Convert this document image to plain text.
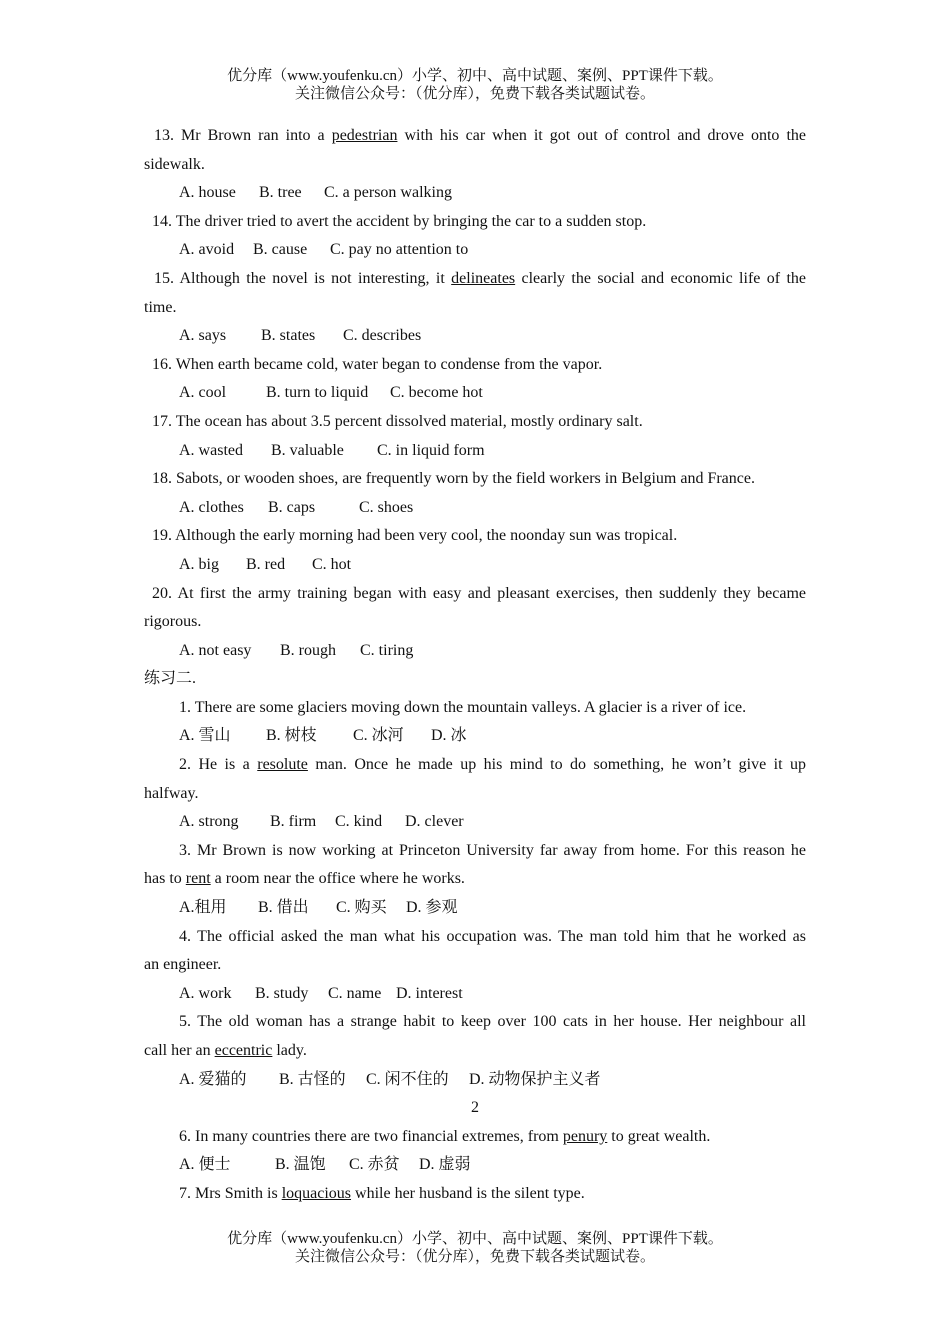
优分库（www.youfenku.cn）小学、初中、高中试题、案例、PPT课件下载。
关注微信公众号：（优分库），免费下载各类试题试卷。
13. Mr Brown ran into a pedestrian with his car when it got out of control and drove onto the
sidewalk.
A. house B. tree C. a person walking
14. The driver tried to avert the accident by bringing the car to a sudden stop.
A. avoid B. cause C. pay no attention to
15. Although the novel is not interesting, it delineates clearly the social and economic life of the
time.
A. says B. states C. describes
16. When earth became cold, water began to condense from the vapor.
A. cool B. turn to liquid C. become hot
17. The ocean has about 3.5 percent dissolved material, mostly ordinary salt.
A. wasted B. valuable C. in liquid form
18. Sabots, or wooden shoes, are frequently worn by the field workers in Belgium and France.
A. clothes B. caps	C. shoes
19. Although the early morning had been very cool, the noonday sun was tropical.
A. big B. red C. hot
20. At first the army training began with easy and pleasant exercises, then suddenly they became
rigorous.
A. not easy B. rough C. tiring
练习二.
1. There are some glaciers moving down the mountain valleys. A glacier is a river of ice.
A. 雪山 B. 树枝 C. 冰河 D. 冰
2. He is a resolute man. Once he made up his mind to do something, he won’t give it up
halfway.
A. strong B. firm C. kind D. clever
3. Mr Brown is now working at Princeton University far away from home. For this reason he
has to rent a room near the office where he works.
A.租用 B. 借出 C. 购买 D. 参观
4. The official asked the man what his occupation was. The man told him that he worked as
an engineer.
A. work B. study C. name D. interest
5. The old woman has a strange habit to keep over 100 cats in her house. Her neighbour all
call her an eccentric lady.
A. 爱猫的 B. 古怪的 C. 闲不住的 D. 动物保护主义者
2
6. In many countries there are two financial extremes, from penury to great wealth.
A. 便士	B. 温饱 C. 赤贫 D. 虚弱
7. Mrs Smith is loquacious while her husband is the silent type.
优分库（www.youfenku.cn）小学、初中、高中试题、案例、PPT课件下载。
关注微信公众号：（优分库），免费下载各类试题试卷。
